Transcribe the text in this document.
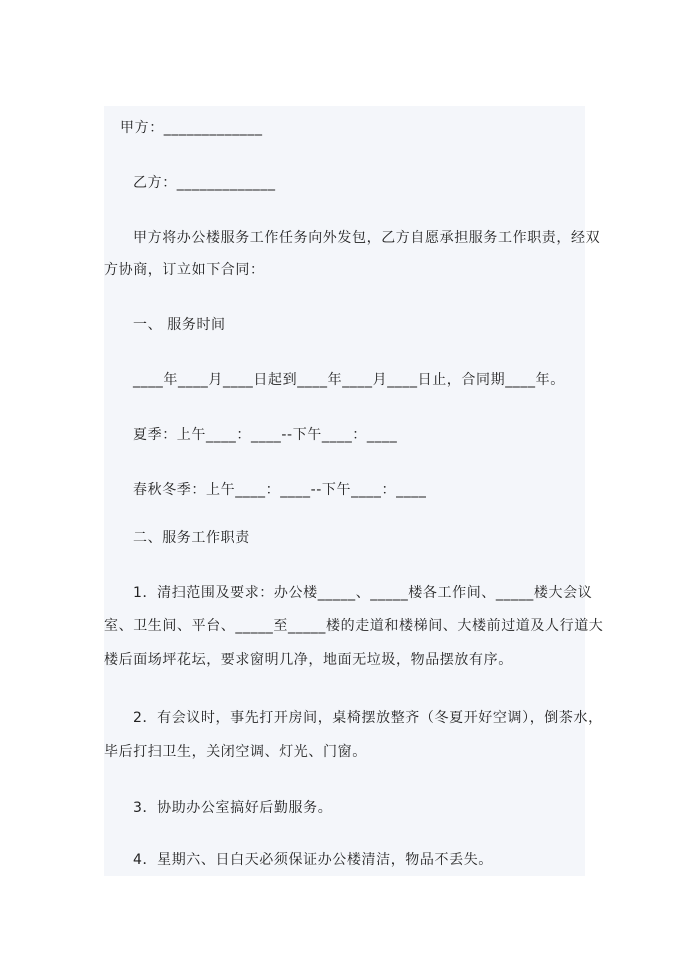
甲方：_____________
乙方：_____________
甲方将办公楼服务工作任务向外发包，乙方自愿承担服务工作职责，经双
方协商，订立如下合同：
一、 服务时间
____年____月____日起到____年____月____日止，合同期____年。
夏季：上午____：____--下午____：____
春秋冬季：上午____：____--下午____：____
二、服务工作职责
1．清扫范围及要求：办公楼_____、_____楼各工作间、_____楼大会议
室、卫生间、平台、_____至_____楼的走道和楼梯间、大楼前过道及人行道大
楼后面场坪花坛，要求窗明几净，地面无垃圾，物品摆放有序。
2．有会议时，事先打开房间，桌椅摆放整齐（冬夏开好空调），倒茶水，
毕后打扫卫生，关闭空调、灯光、门窗。
3．协助办公室搞好后勤服务。
4．星期六、日白天必须保证办公楼清洁，物品不丢失。
